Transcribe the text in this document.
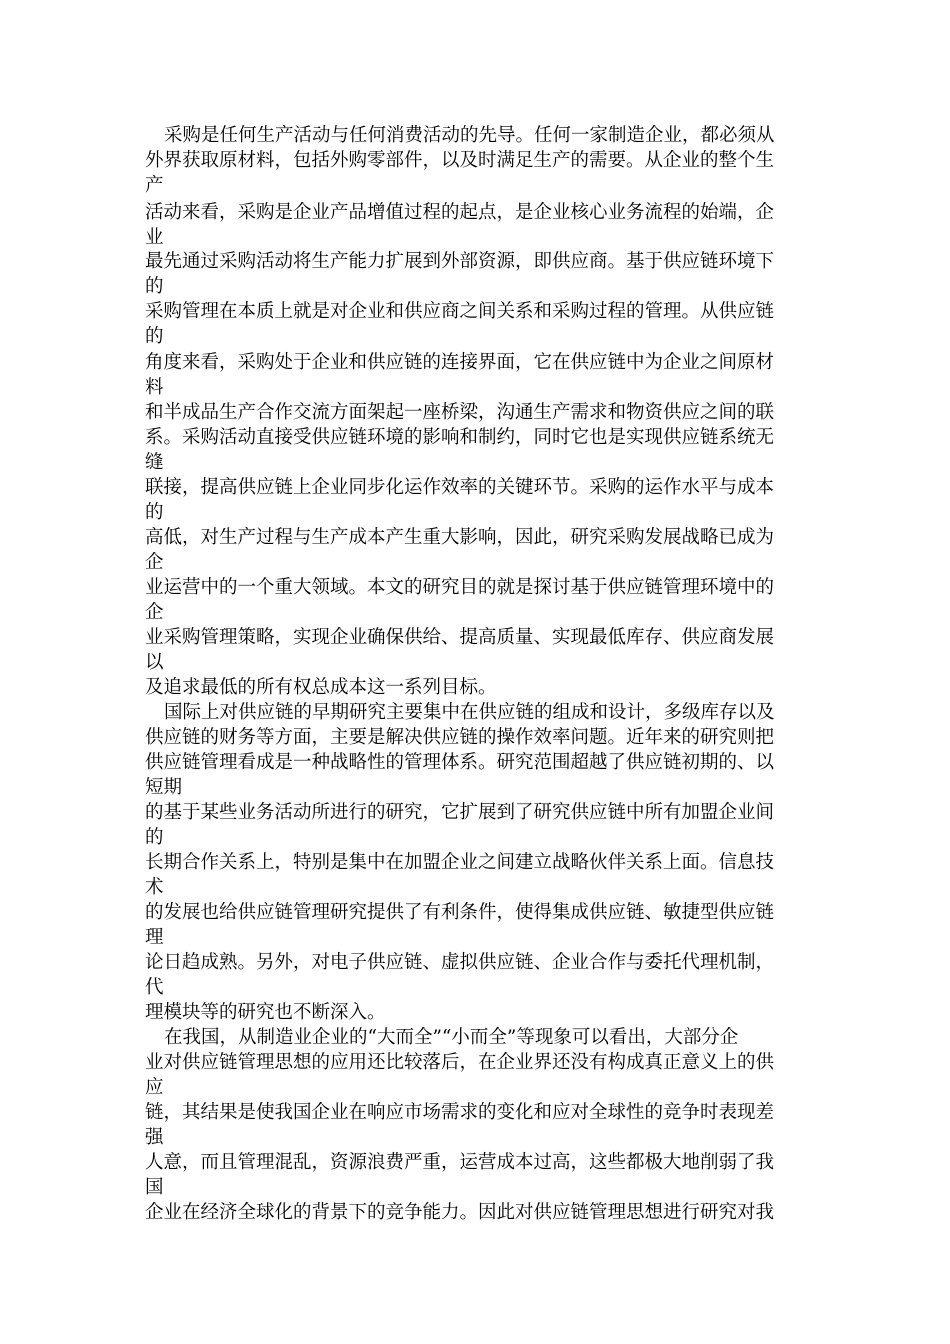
采购是任何生产活动与任何消费活动的先导。任何一家制造企业，都必须从
外界获取原材料，包括外购零部件，以及时满足生产的需要。从企业的整个生
产
活动来看，采购是企业产品增值过程的起点，是企业核心业务流程的始端，企
业
最先通过采购活动将生产能力扩展到外部资源，即供应商。基于供应链环境下
的
采购管理在本质上就是对企业和供应商之间关系和采购过程的管理。从供应链
的
角度来看，采购处于企业和供应链的连接界面，它在供应链中为企业之间原材
料
和半成品生产合作交流方面架起一座桥梁，沟通生产需求和物资供应之间的联
系。采购活动直接受供应链环境的影响和制约，同时它也是实现供应链系统无
缝
联接，提高供应链上企业同步化运作效率的关键环节。采购的运作水平与成本
的
高低，对生产过程与生产成本产生重大影响，因此，研究采购发展战略已成为
企
业运营中的一个重大领域。本文的研究目的就是探讨基于供应链管理环境中的
企
业采购管理策略，实现企业确保供给、提高质量、实现最低库存、供应商发展
以
及追求最低的所有权总成本这一系列目标。
国际上对供应链的早期研究主要集中在供应链的组成和设计，多级库存以及
供应链的财务等方面，主要是解决供应链的操作效率问题。近年来的研究则把
供应链管理看成是一种战略性的管理体系。研究范围超越了供应链初期的、以
短期
的基于某些业务活动所进行的研究，它扩展到了研究供应链中所有加盟企业间
的
长期合作关系上，特别是集中在加盟企业之间建立战略伙伴关系上面。信息技
术
的发展也给供应链管理研究提供了有利条件，使得集成供应链、敏捷型供应链
理
论日趋成熟。另外，对电子供应链、虚拟供应链、企业合作与委托代理机制，
代
理模块等的研究也不断深入。
在我国，从制造业企业的“大而全”“小而全”等现象可以看出，大部分企
业对供应链管理思想的应用还比较落后，在企业界还没有构成真正意义上的供
应
链，其结果是使我国企业在响应市场需求的变化和应对全球性的竞争时表现差
强
人意，而且管理混乱，资源浪费严重，运营成本过高，这些都极大地削弱了我
国
企业在经济全球化的背景下的竞争能力。因此对供应链管理思想进行研究对我
